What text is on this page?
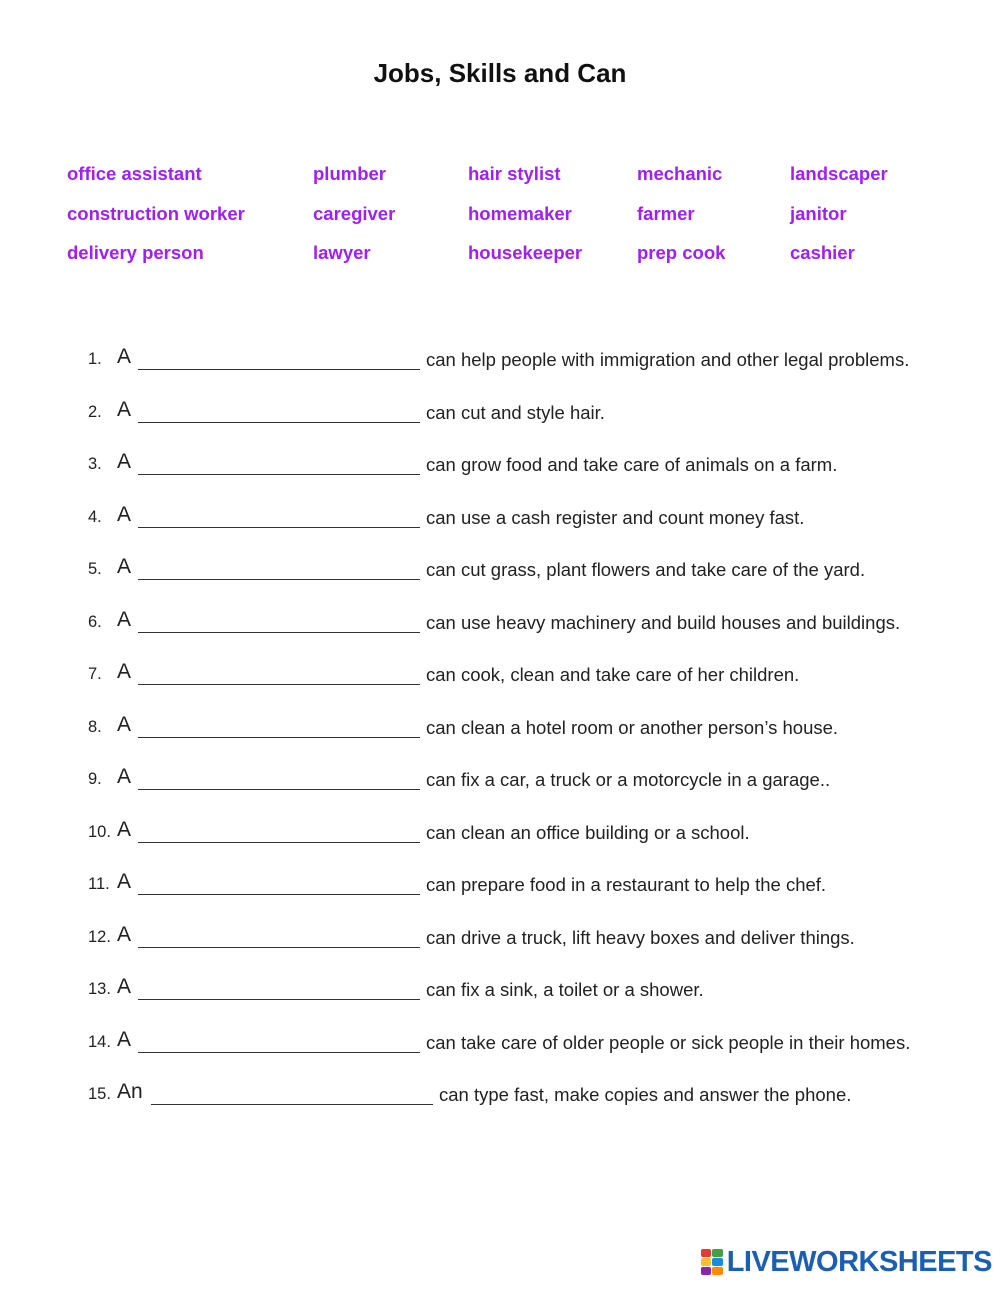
Jobs, Skills and Can
office assistant	plumber	hair stylist	mechanic	landscaper
construction worker	caregiver	homemaker	farmer	janitor
delivery person	lawyer	housekeeper	prep cook	cashier
1. A	can help people with immigration and other legal problems.
2. A	can cut and style hair.
3. A	can grow food and take care of animals on a farm.
4. A	can use a cash register and count money fast.
5. A	can cut grass, plant flowers and take care of the yard.
6. A	can use heavy machinery and build houses and buildings.
7. A	can cook, clean and take care of her children.
8. A	can clean a hotel room or another person’s house.
9. A	can fix a car, a truck or a motorcycle in a garage..
10. A	can clean an office building or a school.
11. A	can prepare food in a restaurant to help the chef.
12. A	can drive a truck, lift heavy boxes and deliver things.
13. A	can fix a sink, a toilet or a shower.
14. A	can take care of older people or sick people in their homes.
15. An	can type fast, make copies and answer the phone.
LIVEWORKSHEETS
